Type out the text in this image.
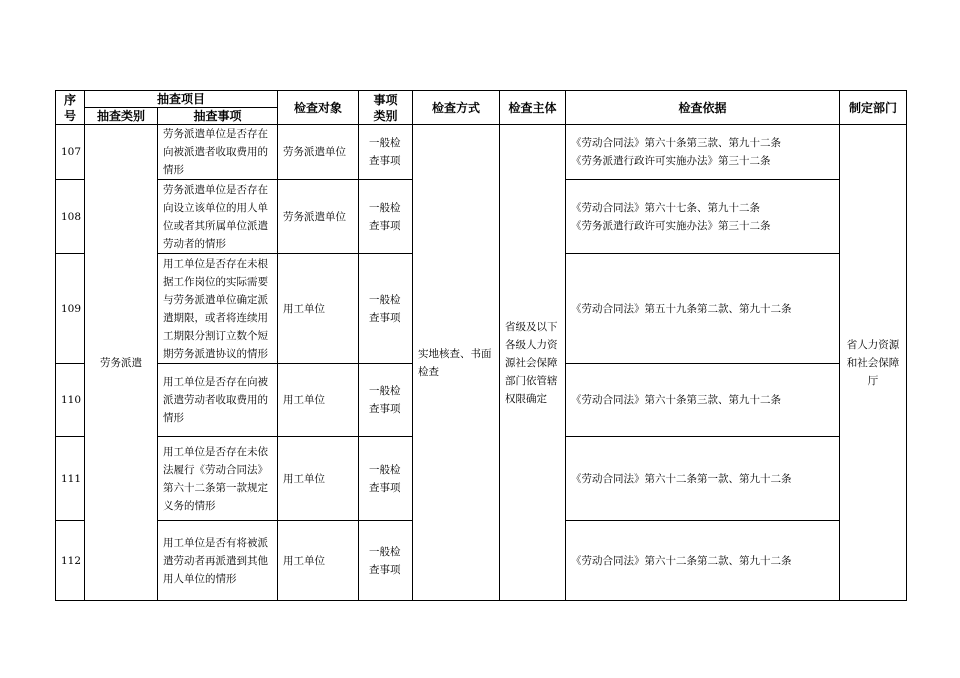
序号	抽查项目		检查对象	事项类别	检查方式	检查主体	检查依据	制定部门
	抽查类别	抽查事项						
107	劳务派遣	劳务派遣单位是否存在向被派遣者收取费用的情形	劳务派遣单位	一般检查事项	实地核查、书面检查	省级及以下各级人力资源社会保障部门依管辖权限确定	《劳动合同法》第六十条第三款、第九十二条
《劳务派遣行政许可实施办法》第三十二条	省人力资源和社会保障厅
108		劳务派遣单位是否存在向设立该单位的用人单位或者其所属单位派遣劳动者的情形	劳务派遣单位	一般检查事项			《劳动合同法》第六十七条、第九十二条
《劳务派遣行政许可实施办法》第三十二条	

109		用工单位是否存在未根据工作岗位的实际需要与劳务派遣单位确定派遣期限，或者将连续用工期限分割订立数个短期劳务派遣协议的情形	用工单位	一般检查事项			《劳动合同法》第五十九条第二款、第九十二条	

110		用工单位是否存在向被派遣劳动者收取费用的情形	用工单位	一般检查事项			《劳动合同法》第六十条第三款、第九十二条	

111		用工单位是否存在未依法履行《劳动合同法》第六十二条第一款规定义务的情形	用工单位	一般检查事项			《劳动合同法》第六十二条第一款、第九十二条	

112		用工单位是否有将被派遣劳动者再派遣到其他用人单位的情形	用工单位	一般检查事项			《劳动合同法》第六十二条第二款、第九十二条	
